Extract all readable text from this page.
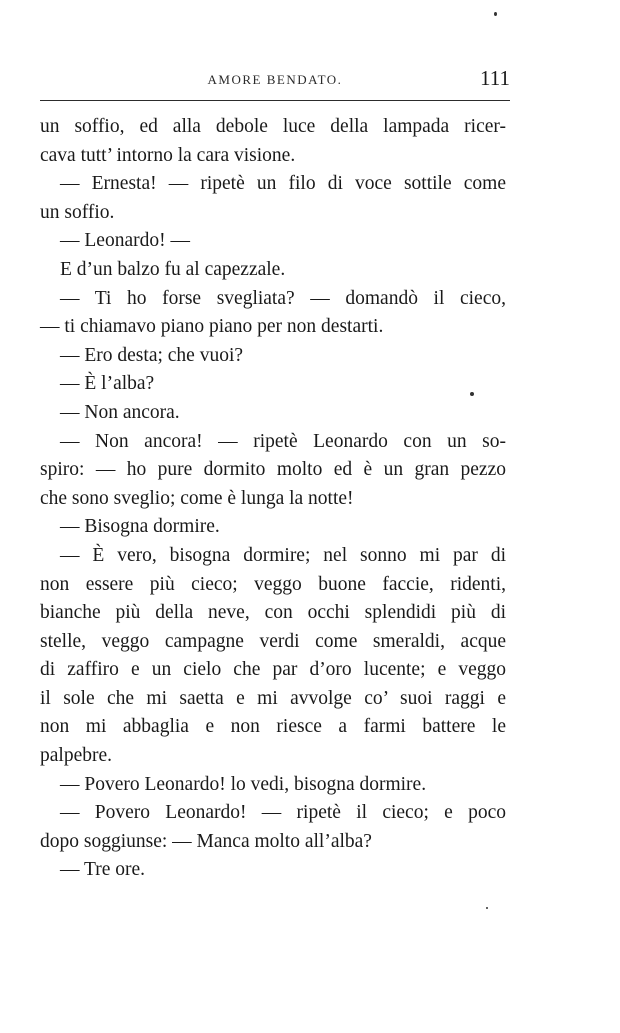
AMORE BENDATO.	111
un soffio, ed alla debole luce della lampada ricer-
cava tutt’ intorno la cara visione.
— Ernesta! — ripetè un filo di voce sottile come
un soffio.
— Leonardo! —
E d’un balzo fu al capezzale.
— Ti ho forse svegliata? — domandò il cieco,
— ti chiamavo piano piano per non destarti.
— Ero desta; che vuoi?
— È l’alba?
— Non ancora.
— Non ancora! — ripetè Leonardo con un so-
spiro: — ho pure dormito molto ed è un gran pezzo
che sono sveglio; come è lunga la notte!
— Bisogna dormire.
— È vero, bisogna dormire; nel sonno mi par di
non essere più cieco; veggo buone faccie, ridenti,
bianche più della neve, con occhi splendidi più di
stelle, veggo campagne verdi come smeraldi, acque
di zaffiro e un cielo che par d’oro lucente; e veggo
il sole che mi saetta e mi avvolge co’ suoi raggi e
non mi abbaglia e non riesce a farmi battere le
palpebre.
— Povero Leonardo! lo vedi, bisogna dormire.
— Povero Leonardo! — ripetè il cieco; e poco
dopo soggiunse: — Manca molto all’alba?
— Tre ore.
